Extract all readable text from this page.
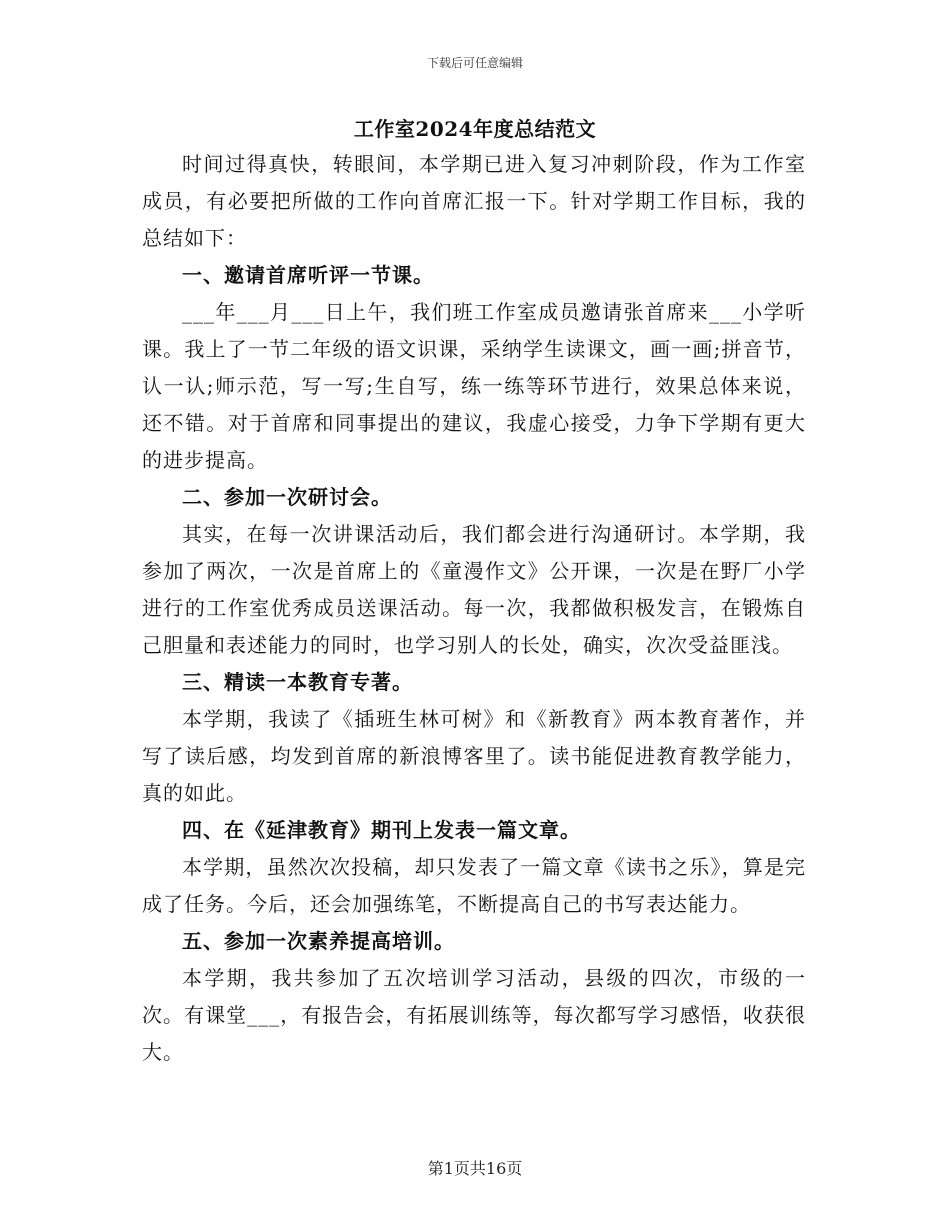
下载后可任意编辑
工作室2024年度总结范文

时间过得真快，转眼间，本学期已进入复习冲刺阶段，作为工作室成员，有必要把所做的工作向首席汇报一下。针对学期工作目标，我的总结如下：

一、邀请首席听评一节课。

___年___月___日上午，我们班工作室成员邀请张首席来___小学听课。我上了一节二年级的语文识课，采纳学生读课文，画一画;拼音节，认一认;师示范，写一写;生自写，练一练等环节进行，效果总体来说，还不错。对于首席和同事提出的建议，我虚心接受，力争下学期有更大的进步提高。

二、参加一次研讨会。

其实，在每一次讲课活动后，我们都会进行沟通研讨。本学期，我参加了两次，一次是首席上的《童漫作文》公开课，一次是在野厂小学进行的工作室优秀成员送课活动。每一次，我都做积极发言，在锻炼自己胆量和表述能力的同时，也学习别人的长处，确实，次次受益匪浅。

三、精读一本教育专著。

本学期，我读了《插班生林可树》和《新教育》两本教育著作，并写了读后感，均发到首席的新浪博客里了。读书能促进教育教学能力，真的如此。

四、在《延津教育》期刊上发表一篇文章。

本学期，虽然次次投稿，却只发表了一篇文章《读书之乐》，算是完成了任务。今后，还会加强练笔，不断提高自己的书写表达能力。

五、参加一次素养提高培训。

本学期，我共参加了五次培训学习活动，县级的四次，市级的一次。有课堂___，有报告会，有拓展训练等，每次都写学习感悟，收获很大。

第1页共16页
